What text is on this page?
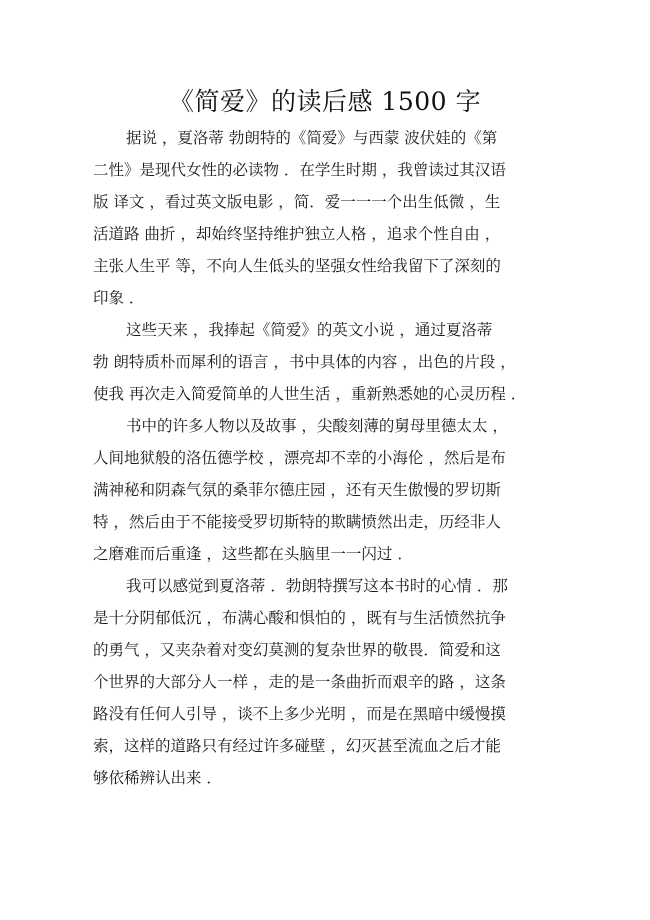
《简爱》的读后感 1500 字
据说 ，夏洛蒂 勃朗特的《简爱》与西蒙 波伏娃的《第
二性》是现代女性的必读物 ．在学生时期 ，我曾读过其汉语
版 译文 ，看过英文版电影 ，简．爱一一一个出生低微 ，生
活道路 曲折 ，却始终坚持维护独立人格 ，追求个性自由 ，
主张人生平 等，不向人生低头的坚强女性给我留下了深刻的
印象 ．
这些天来 ，我捧起《简爱》的英文小说 ，通过夏洛蒂
勃 朗特质朴而犀利的语言 ，书中具体的内容 ，出色的片段 ，
使我 再次走入简爱简单的人世生活 ，重新熟悉她的心灵历程 ．
书中的许多人物以及故事 ，尖酸刻薄的舅母里德太太 ，
人间地狱般的洛伍德学校 ，漂亮却不幸的小海伦 ，然后是布
满神秘和阴森气氛的桑菲尔德庄园 ，还有天生傲慢的罗切斯
特 ，然后由于不能接受罗切斯特的欺瞒愤然出走，历经非人
之磨难而后重逢 ，这些都在头脑里一一闪过 ．
我可以感觉到夏洛蒂 ．勃朗特撰写这本书时的心情 ．那
是十分阴郁低沉 ，布满心酸和惧怕的 ，既有与生活愤然抗争
的勇气 ，又夹杂着对变幻莫测的复杂世界的敬畏．简爱和这
个世界的大部分人一样 ，走的是一条曲折而艰辛的路 ，这条
路没有任何人引导 ，谈不上多少光明 ，而是在黑暗中缓慢摸
索，这样的道路只有经过许多碰壁 ，幻灭甚至流血之后才能
够依稀辨认出来 ．
